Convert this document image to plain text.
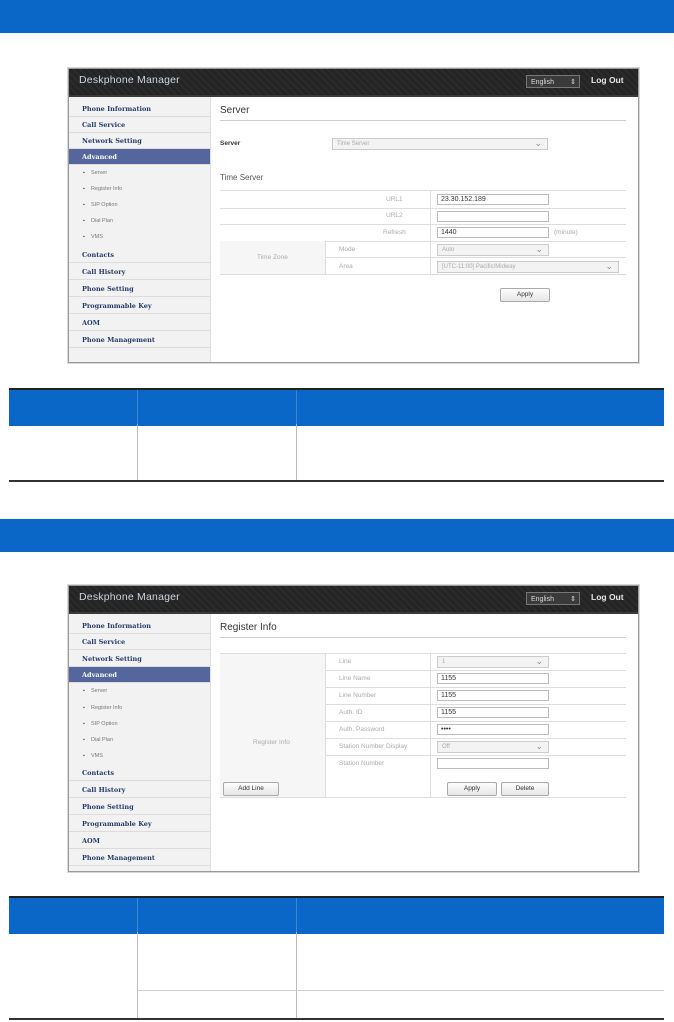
Deskphone Manager	English ⇕ Log Out
Phone Information
Call Service
Network Setting
Advanced
▪ Server
▪ Register Info
▪ SIP Option
▪ Dial Plan
▪ VMS
Contacts
Call History
Phone Setting
Programmable Key
AOM
Phone Management
Server
Server	Time Server	⌄
Time Server
URL1	23.30.152.189
URL2
Refresh	1440	(minute)
Time Zone
Mode	Auto	⌄
Area	[UTC-11:00] Pacific/Midway	⌄
Apply
Deskphone Manager	English ⇕ Log Out
Phone Information
Call Service
Network Setting
Advanced
▪ Server
▪ Register Info
▪ SIP Option
▪ Dial Plan
▪ VMS
Contacts
Call History
Phone Setting
Programmable Key
AOM
Phone Management
Register Info
Register Info
Line	1	⌄
Line Name	1155
Line Number	1155
Auth. ID	1155
Auth. Password	••••
Station Number Display	Off	⌄
Station Number
Add Line	Apply	Delete
